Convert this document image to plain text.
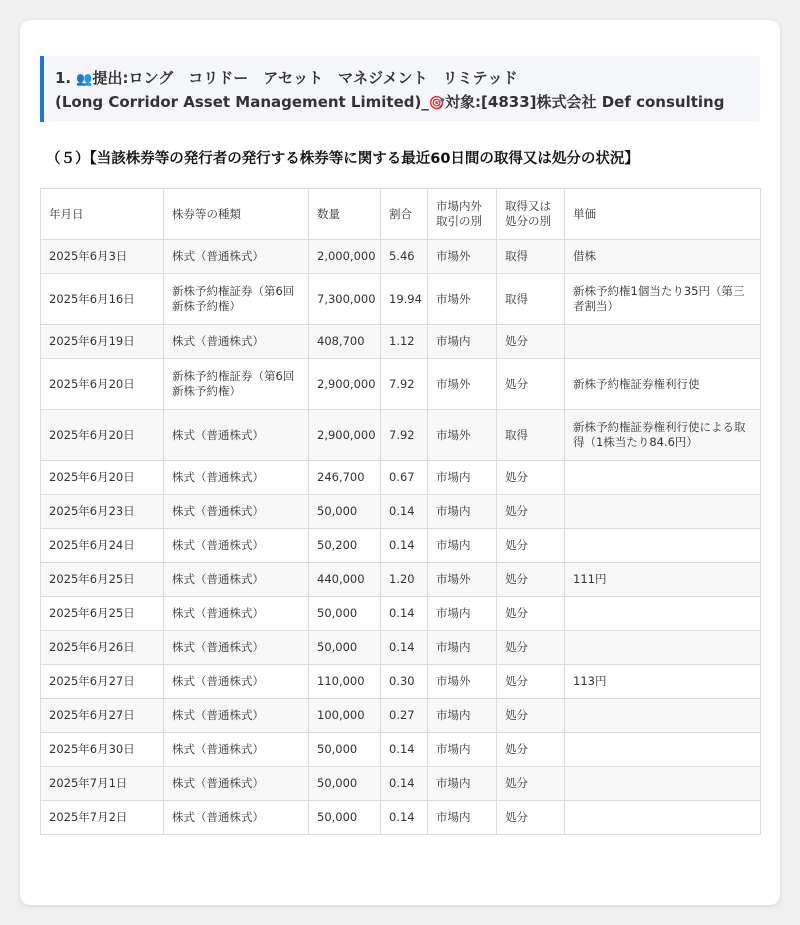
1. 👥提出:ロング　コリドー　アセット　マネジメント　リミテッド
(Long Corridor Asset Management Limited)_🎯対象:[4833]株式会社 Def consulting
（５）【当該株券等の発行者の発行する株券等に関する最近60日間の取得又は処分の状況】
年月日	株券等の種類	数量	割合	市場内外取引の別	取得又は処分の別	単価
2025年6月3日	株式（普通株式）	2,000,000	5.46	市場外	取得	借株
2025年6月16日	新株予約権証券（第6回新株予約権）	7,300,000	19.94	市場外	取得	新株予約権1個当たり35円（第三者割当）
2025年6月19日	株式（普通株式）	408,700	1.12	市場内	処分	
2025年6月20日	新株予約権証券（第6回新株予約権）	2,900,000	7.92	市場外	処分	新株予約権証券権利行使
2025年6月20日	株式（普通株式）	2,900,000	7.92	市場外	取得	新株予約権証券権利行使による取得（1株当たり84.6円）
2025年6月20日	株式（普通株式）	246,700	0.67	市場内	処分	
2025年6月23日	株式（普通株式）	50,000	0.14	市場内	処分	
2025年6月24日	株式（普通株式）	50,200	0.14	市場内	処分	
2025年6月25日	株式（普通株式）	440,000	1.20	市場外	処分	111円
2025年6月25日	株式（普通株式）	50,000	0.14	市場内	処分	
2025年6月26日	株式（普通株式）	50,000	0.14	市場内	処分	
2025年6月27日	株式（普通株式）	110,000	0.30	市場外	処分	113円
2025年6月27日	株式（普通株式）	100,000	0.27	市場内	処分	
2025年6月30日	株式（普通株式）	50,000	0.14	市場内	処分	
2025年7月1日	株式（普通株式）	50,000	0.14	市場内	処分	
2025年7月2日	株式（普通株式）	50,000	0.14	市場内	処分	
